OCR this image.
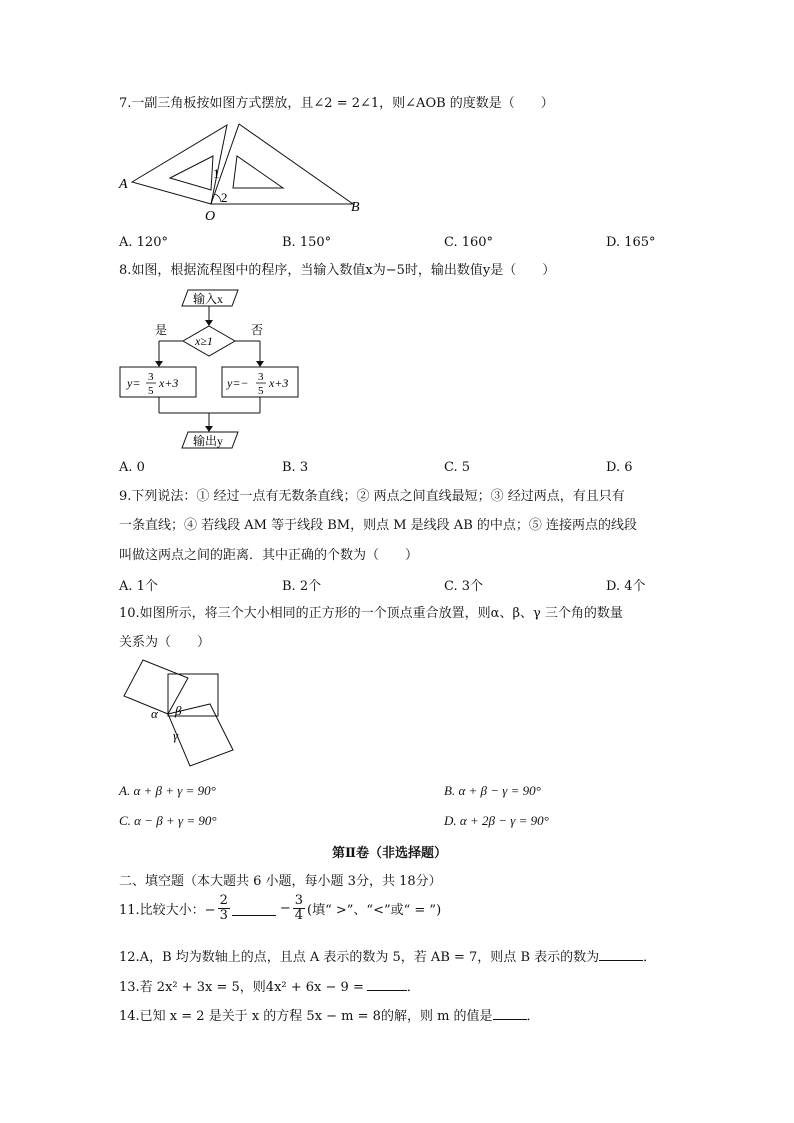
7.一副三角板按如图方式摆放，且∠2 = 2∠1，则∠AOB 的度数是（　　）
A
O
B
1
2
A. 120°	B. 150°	C. 160°	D. 165°
8.如图，根据流程图中的程序，当输入数值x为−5时，输出数值y是（　　）
输入x
x≥1
是	否
y= 3
5
x+3	y=− 3
5
x+3
输出y
A. 0	B. 3	C. 5	D. 6
9.下列说法：① 经过一点有无数条直线；② 两点之间直线最短；③ 经过两点，有且只有
一条直线；④ 若线段 AM 等于线段 BM，则点 M 是线段 AB 的中点；⑤ 连接两点的线段
叫做这两点之间的距离．其中正确的个数为（　　）
A. 1个	B. 2个	C. 3个	D. 4个
10.如图所示，将三个大小相同的正方形的一个顶点重合放置，则α、β、γ 三个角的数量
关系为（　　）
α β
γ
A. α + β + γ = 90°	B. α + β − γ = 90°
C. α − β + γ = 90°	D. α + 2β − γ = 90°
第Ⅱ卷（非选择题）
二、填空题（本大题共 6 小题，每小题 3分，共 18分）
11.比较大小：− $\frac{2}{3}$	− $\frac{3}{4}$ (填“ >”、“<”或“ = ”)
12.A，B 均为数轴上的点，且点 A 表示的数为 5，若 AB = 7，则点 B 表示的数为	．
13.若 2x² + 3x = 5，则4x² + 6x − 9 =	．
14.已知 x = 2 是关于 x 的方程 5x − m = 8的解，则 m 的值是	．
